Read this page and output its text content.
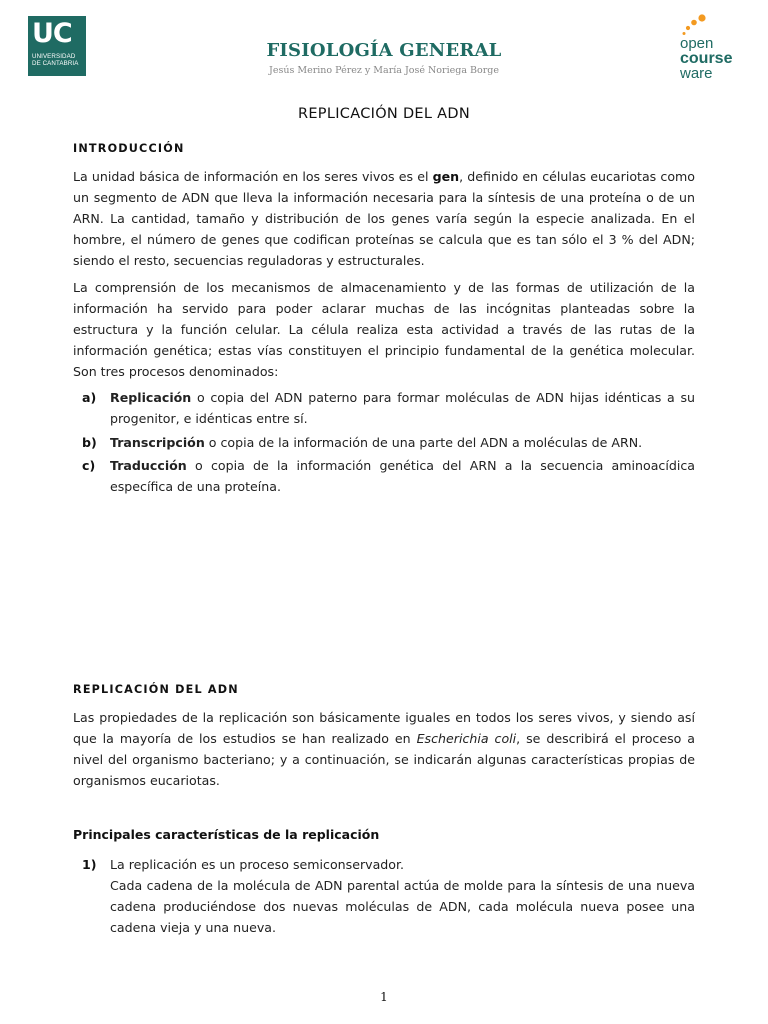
UC
UNIVERSIDAD
DE CANTABRIA
FISIOLOGÍA GENERAL
Jesús Merino Pérez y María José Noriega Borge
open
course
ware
REPLICACIÓN DEL ADN
INTRODUCCIÓN

La unidad básica de información en los seres vivos es el gen, definido en células eucariotas como un segmento de ADN que lleva la información necesaria para la síntesis de una proteína o de un ARN. La cantidad, tamaño y distribución de los genes varía según la especie analizada. En el hombre, el número de genes que codifican proteínas se calcula que es tan sólo el 3 % del ADN; siendo el resto, secuencias reguladoras y estructurales.

La comprensión de los mecanismos de almacenamiento y de las formas de utilización de la información ha servido para poder aclarar muchas de las incógnitas planteadas sobre la estructura y la función celular. La célula realiza esta actividad a través de las rutas de la información genética; estas vías constituyen el principio fundamental de la genética molecular. Son tres procesos denominados:

a) Replicación o copia del ADN paterno para formar moléculas de ADN hijas idénticas a su progenitor, e idénticas entre sí.
b) Transcripción o copia de la información de una parte del ADN a moléculas de ARN.
c) Traducción o copia de la información genética del ARN a la secuencia aminoacídica específica de una proteína.
REPLICACIÓN DEL ADN

Las propiedades de la replicación son básicamente iguales en todos los seres vivos, y siendo así que la mayoría de los estudios se han realizado en Escherichia coli, se describirá el proceso a nivel del organismo bacteriano; y a continuación, se indicarán algunas características propias de organismos eucariotas.

Principales características de la replicación
1) La replicación es un proceso semiconservador.
Cada cadena de la molécula de ADN parental actúa de molde para la síntesis de una nueva cadena produciéndose dos nuevas moléculas de ADN, cada molécula nueva posee una cadena vieja y una nueva.
1
